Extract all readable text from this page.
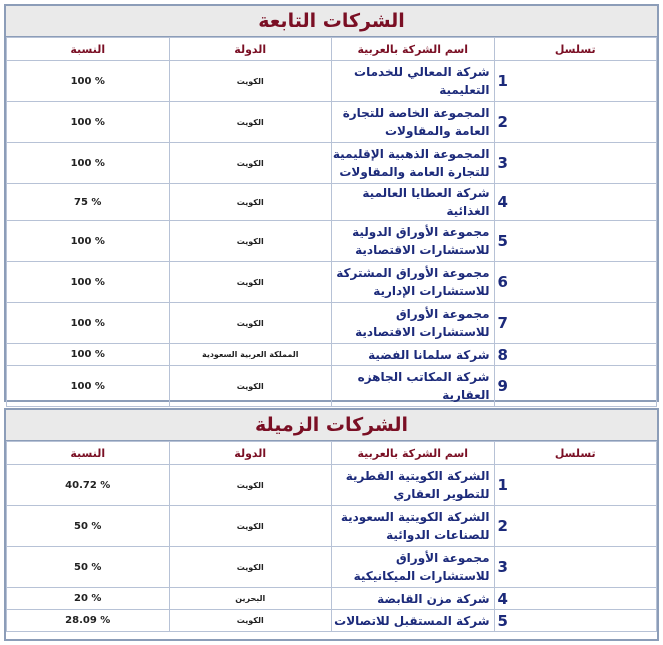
الشركات التابعة
تسلسل	اسم الشركة بالعربية	الدولة	النسبة
1	شركة المعالي للخدمات التعليمية	الكويت	100 %
2	المجموعة الخاصة للتجارة العامة والمقاولات	الكويت	100 %
3	المجموعة الذهبية الإقليمية للتجارة العامة والمقاولات	الكويت	100 %
4	شركة العطايا العالمية الغذائية	الكويت	75 %
5	مجموعة الأوراق الدولية للاستشارات الاقتصادية	الكويت	100 %
6	مجموعة الأوراق المشتركة للاستشارات الإدارية	الكويت	100 %
7	مجموعة الأوراق للاستشارات الاقتصادية	الكويت	100 %
8	شركة سلمانا الفضية	المملكة العربية السعودية	100 %
9	شركة المكاتب الجاهزه العقارية	الكويت	100 %
الشركات الزميلة
تسلسل	اسم الشركة بالعربية	الدولة	النسبة
1	الشركة الكويتية القطرية للتطوير العقاري	الكويت	40.72 %
2	الشركة الكويتية السعودية للصناعات الدوائية	الكويت	50 %
3	مجموعة الأوراق للاستشارات الميكانيكية	الكويت	50 %
4	شركة مزن القابضة	البحرين	20 %
5	شركة المستقبل للاتصالات	الكويت	28.09 %
